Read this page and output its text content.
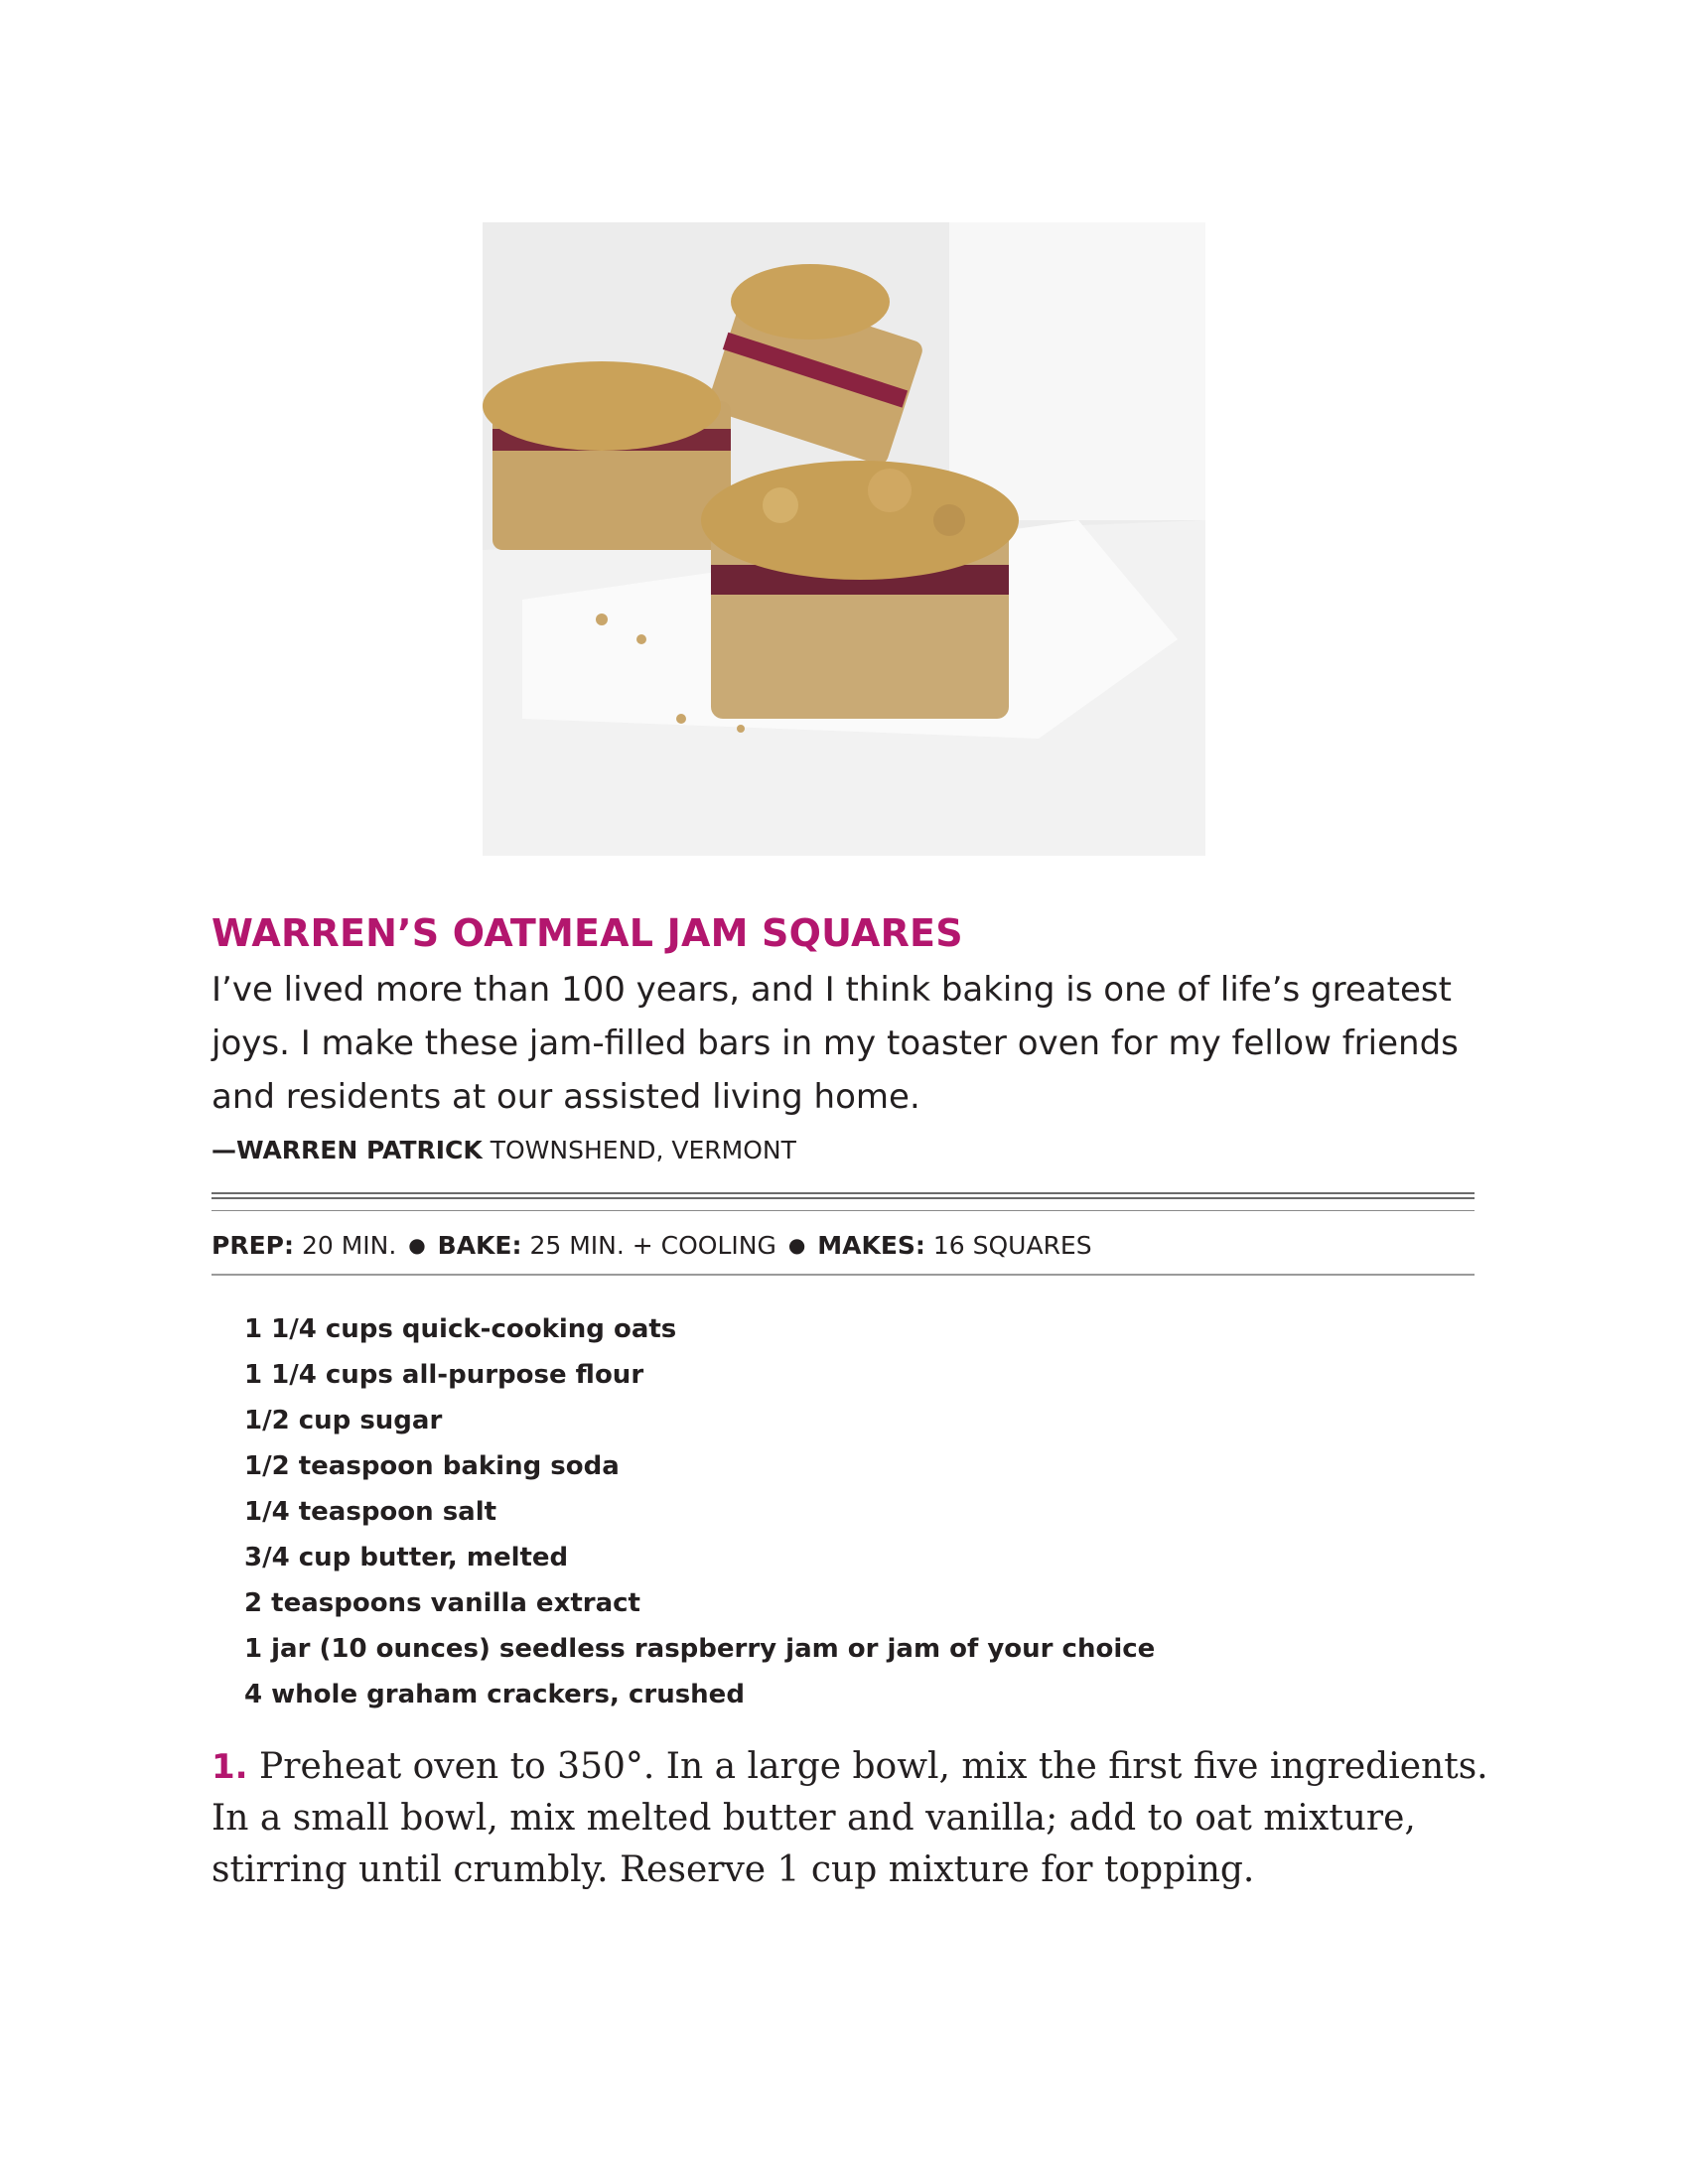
WARREN’S OATMEAL JAM SQUARES

I’ve lived more than 100 years, and I think baking is one of life’s greatest joys. I make these jam-filled bars in my toaster oven for my fellow friends and residents at our assisted living home.

—WARREN PATRICK TOWNSHEND, VERMONT

PREP: 20 MIN. ● BAKE: 25 MIN. + COOLING ● MAKES: 16 SQUARES

1 1/4 cups quick-cooking oats
1 1/4 cups all-purpose flour
1/2 cup sugar
1/2 teaspoon baking soda
1/4 teaspoon salt
3/4 cup butter, melted
2 teaspoons vanilla extract
1 jar (10 ounces) seedless raspberry jam or jam of your choice
4 whole graham crackers, crushed

1. Preheat oven to 350°. In a large bowl, mix the first five ingredients. In a small bowl, mix melted butter and vanilla; add to oat mixture, stirring until crumbly. Reserve 1 cup mixture for topping.
